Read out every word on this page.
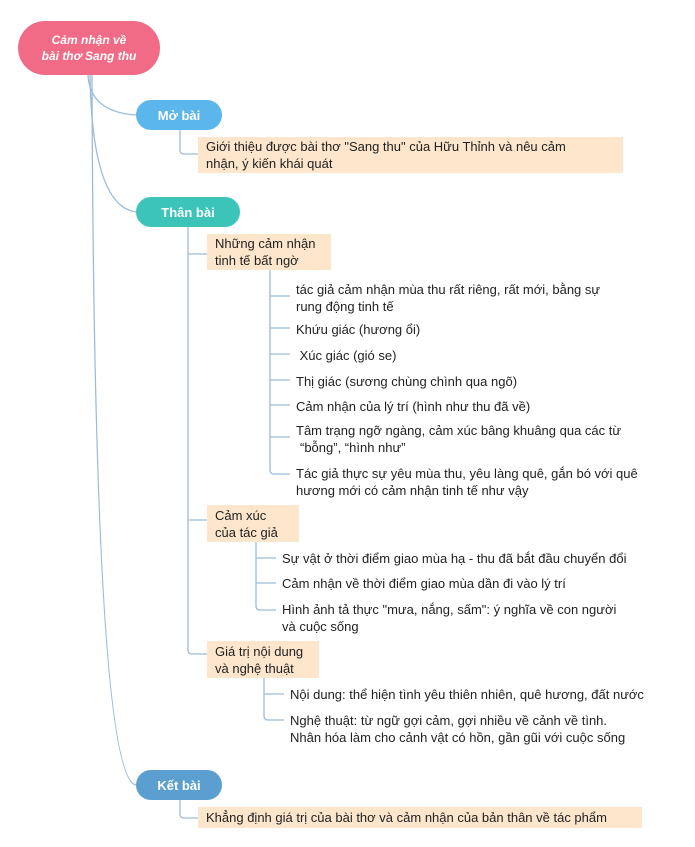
Cảm nhận về
bài thơ Sang thu
Mở bài
Giới thiệu được bài thơ "Sang thu" của Hữu Thỉnh và nêu cảm
nhận, ý kiến khái quát
Thân bài
Những cảm nhận
tinh tế bất ngờ
tác giả cảm nhận mùa thu rất riêng, rất mới, bằng sự
rung động tinh tế
Khứu giác (hương ổi)
Xúc giác (gió se)
Thị giác (sương chùng chình qua ngõ)
Cảm nhận của lý trí (hình như thu đã về)
Tâm trạng ngỡ ngàng, cảm xúc bâng khuâng qua các từ
“bỗng”, “hình như”
Tác giả thực sự yêu mùa thu, yêu làng quê, gắn bó với quê
hương mới có cảm nhận tinh tế như vậy
Cảm xúc
của tác giả
Sự vật ở thời điểm giao mùa hạ - thu đã bắt đầu chuyển đổi
Cảm nhận về thời điểm giao mùa dần đi vào lý trí
Hình ảnh tả thực "mưa, nắng, sấm": ý nghĩa về con người
và cuộc sống
Giá trị nội dung
và nghệ thuật
Nội dung: thể hiện tình yêu thiên nhiên, quê hương, đất nước
Nghệ thuật: từ ngữ gợi cảm, gợi nhiều về cảnh về tình.
Nhân hóa làm cho cảnh vật có hồn, gần gũi với cuộc sống
Kết bài
Khẳng định giá trị của bài thơ và cảm nhận của bản thân về tác phẩm
